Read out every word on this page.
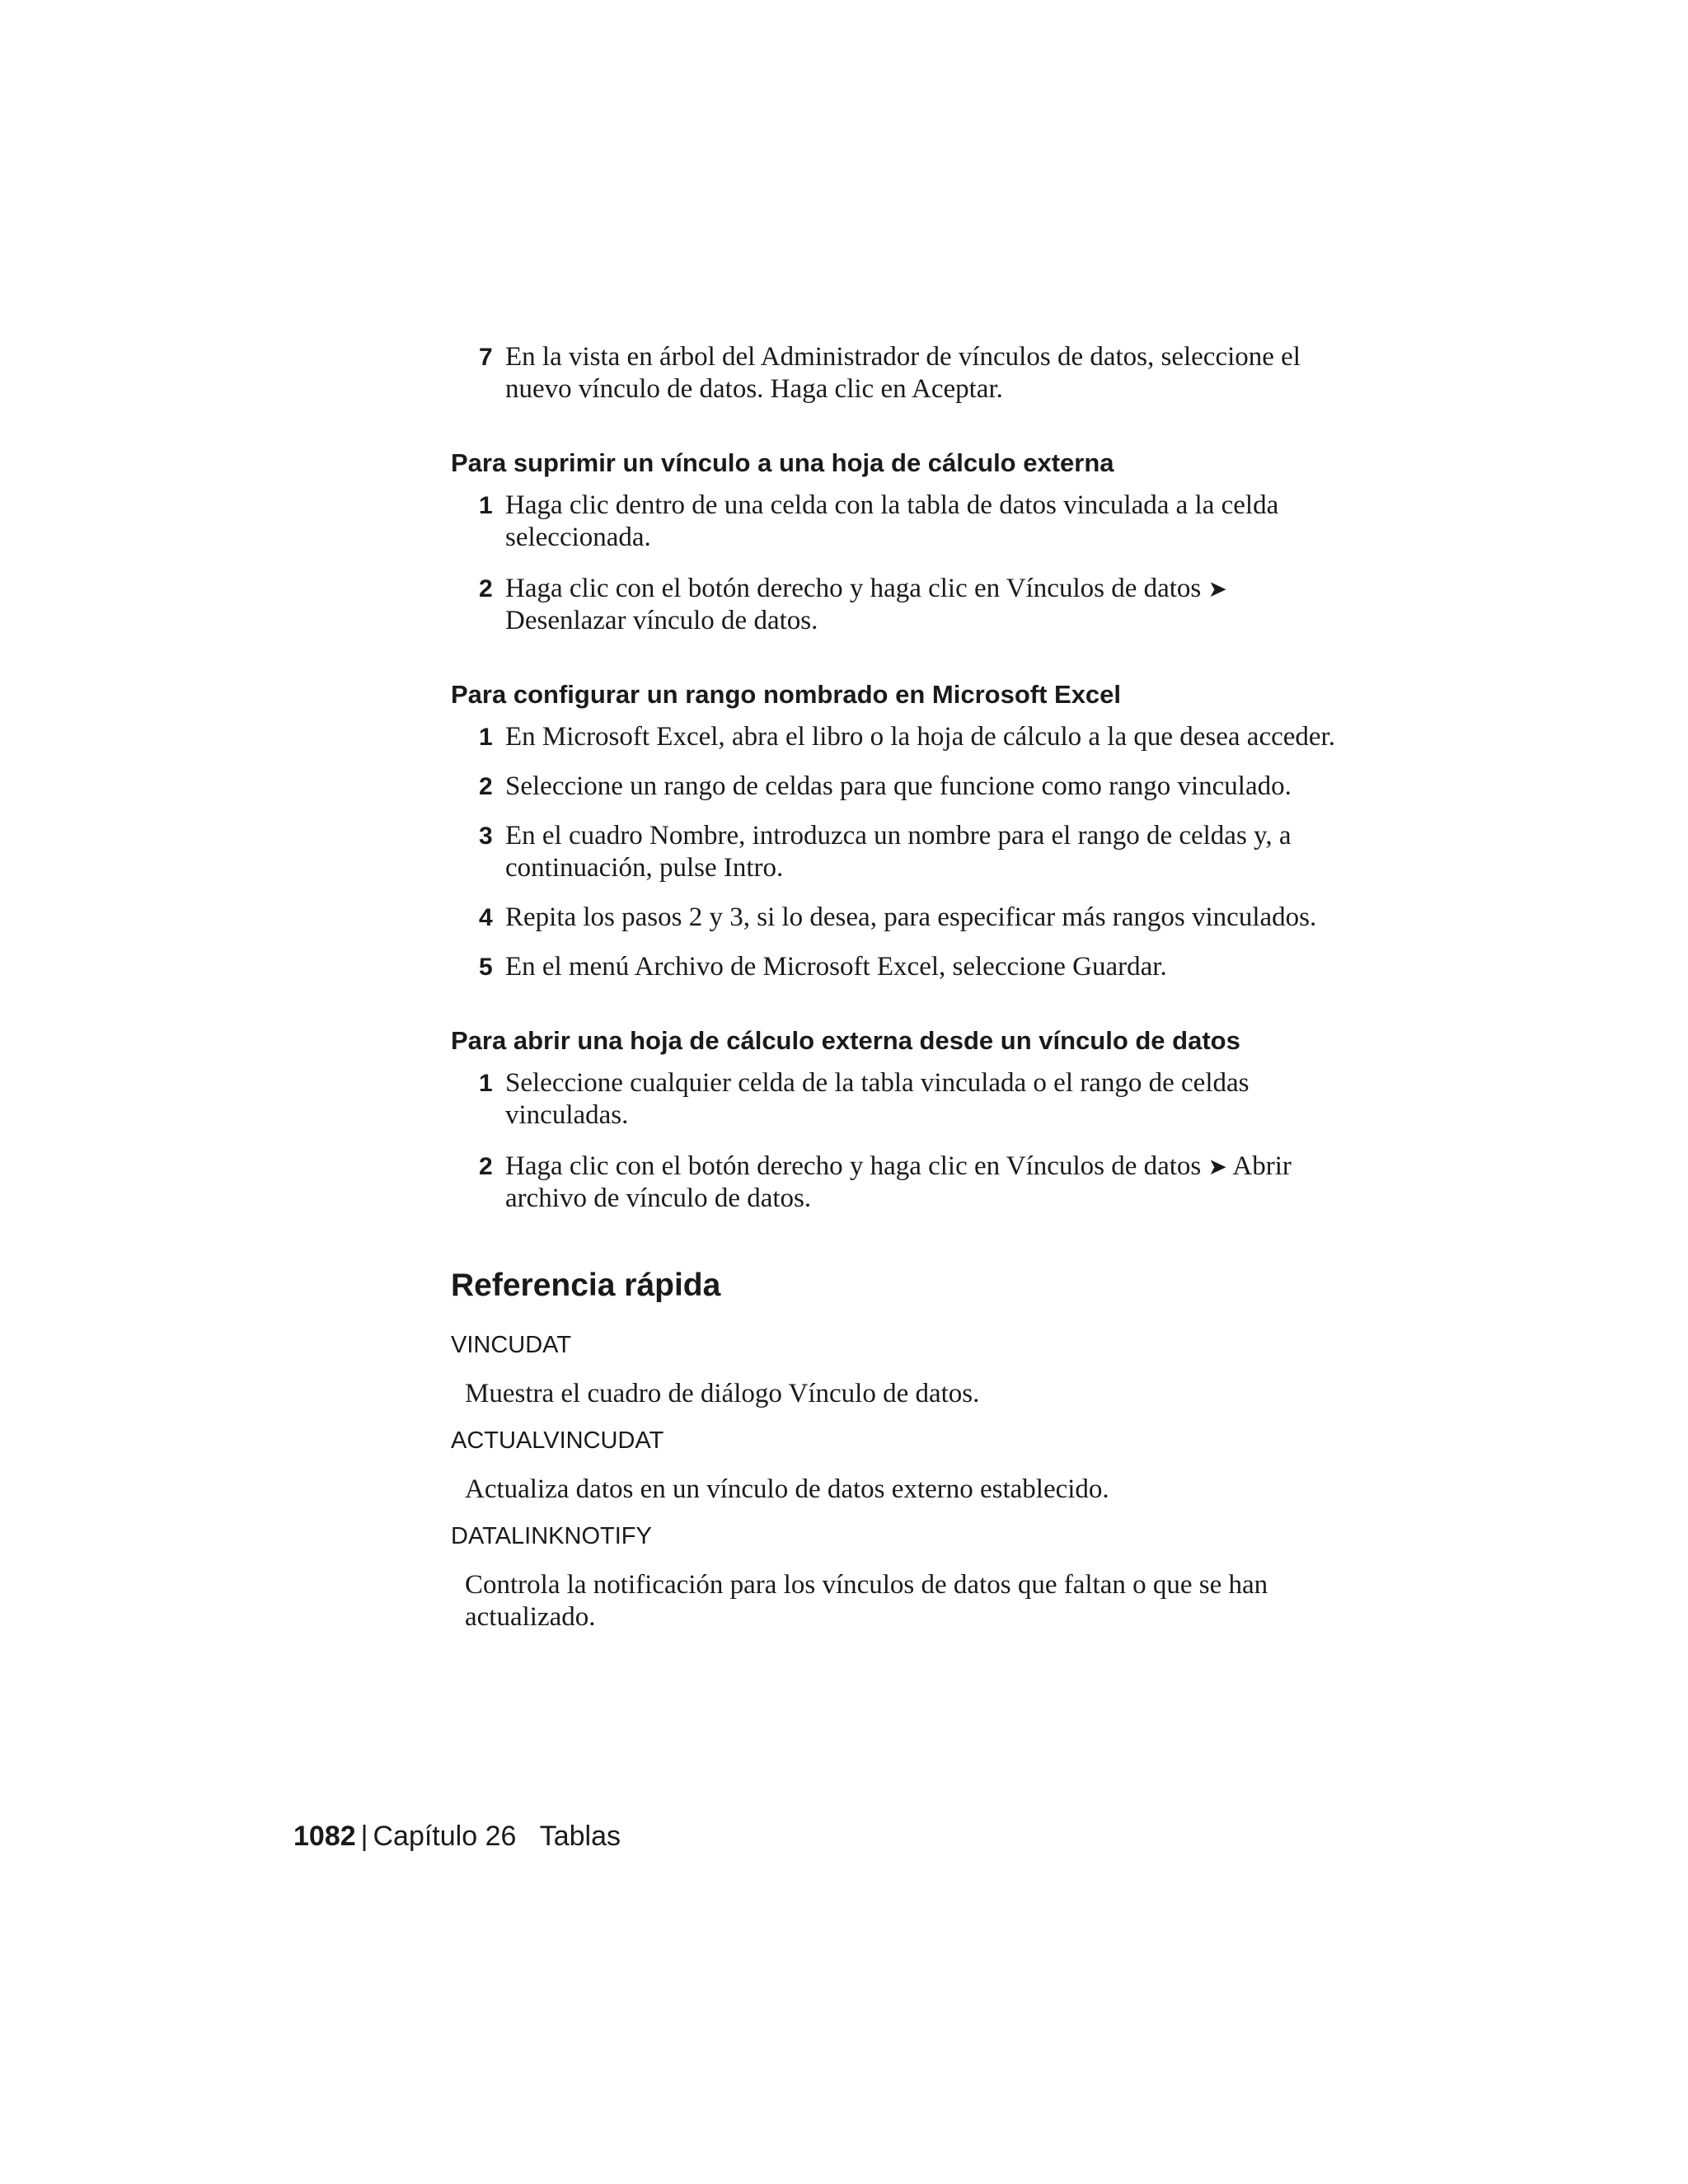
7 En la vista en árbol del Administrador de vínculos de datos, seleccione el nuevo vínculo de datos. Haga clic en Aceptar.
Para suprimir un vínculo a una hoja de cálculo externa
1 Haga clic dentro de una celda con la tabla de datos vinculada a la celda seleccionada.
2 Haga clic con el botón derecho y haga clic en Vínculos de datos ➤
Desenlazar vínculo de datos.
Para configurar un rango nombrado en Microsoft Excel
1 En Microsoft Excel, abra el libro o la hoja de cálculo a la que desea acceder.
2 Seleccione un rango de celdas para que funcione como rango vinculado.
3 En el cuadro Nombre, introduzca un nombre para el rango de celdas y, a continuación, pulse Intro.
4 Repita los pasos 2 y 3, si lo desea, para especificar más rangos vinculados.
5 En el menú Archivo de Microsoft Excel, seleccione Guardar.
Para abrir una hoja de cálculo externa desde un vínculo de datos
1 Seleccione cualquier celda de la tabla vinculada o el rango de celdas vinculadas.
2 Haga clic con el botón derecho y haga clic en Vínculos de datos ➤ Abrir archivo de vínculo de datos.
Referencia rápida
VINCUDAT
Muestra el cuadro de diálogo Vínculo de datos.
ACTUALVINCUDAT
Actualiza datos en un vínculo de datos externo establecido.
DATALINKNOTIFY
Controla la notificación para los vínculos de datos que faltan o que se han actualizado.
1082 | Capítulo 26 Tablas
